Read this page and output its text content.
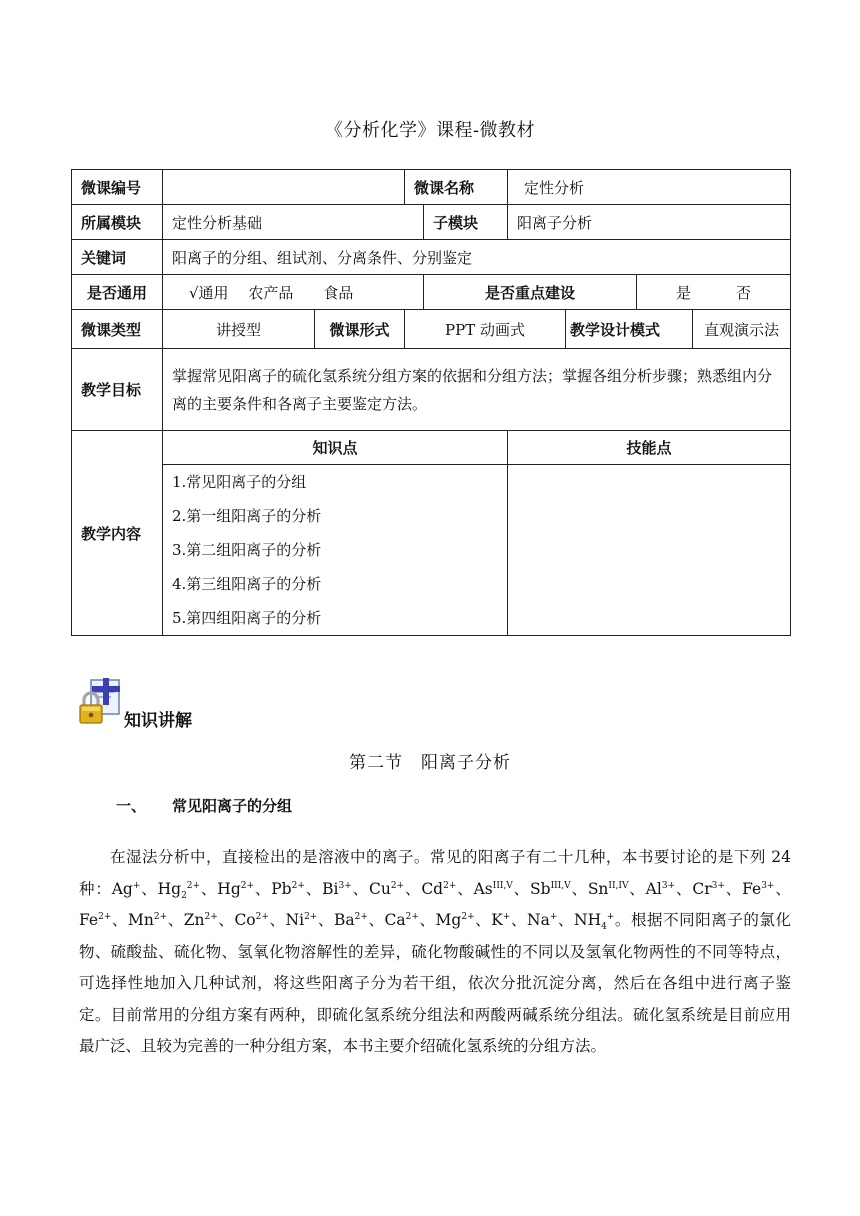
《分析化学》课程-微教材
微课编号			微课名称		定性分析			
所属模块	定性分析基础			子模块	阳离子分析			
关键词	阳离子的分组、组试剂、分离条件、分别鉴定							
是否通用	√通用　 农产品　　食品			是否重点建设			是　　　否	
微课类型	讲授型	微课形式	PPT 动画式			教学设计模式		直观演示法
教学目标	掌握常见阳离子的硫化氢系统分组方案的依据和分组方法；掌握各组分析步骤；熟悉组内分离的主要条件和各离子主要鉴定方法。							
教学内容	知识点				技能点			

	1.常见阳离子的分组
2.第一组阳离子的分析
3.第二组阳离子的分析
4.第三组阳离子的分析
5.第四组阳离子的分析							

知识讲解
第二节　阳离子分析
一、 常见阳离子的分组
在湿法分析中，直接检出的是溶液中的离子。常见的阳离子有二十几种，本书要讨论的是下列 24 种：Ag+、$Hg_2^{2+}$、$Hg^{2+}$、$Pb^{2+}$、$Bi^{3+}$、$Cu^{2+}$、$Cd^{2+}$、$As^{III,V}$、$Sb^{III,V}$、$Sn^{II,IV}$、$Al^{3+}$、$Cr^{3+}$、$Fe^{3+}$、$Fe^{2+}$、$Mn^{2+}$、$Zn^{2+}$、$Co^{2+}$、$Ni^{2+}$、$Ba^{2+}$、$Ca^{2+}$、$Mg^{2+}$、K+、Na+、$NH_4^+$。根据不同阳离子的氯化物、硫酸盐、硫化物、氢氧化物溶解性的差异，硫化物酸碱性的不同以及氢氧化物两性的不同等特点，可选择性地加入几种试剂，将这些阳离子分为若干组，依次分批沉淀分离，然后在各组中进行离子鉴定。目前常用的分组方案有两种，即硫化氢系统分组法和两酸两碱系统分组法。硫化氢系统是目前应用最广泛、且较为完善的一种分组方案，本书主要介绍硫化氢系统的分组方法。
